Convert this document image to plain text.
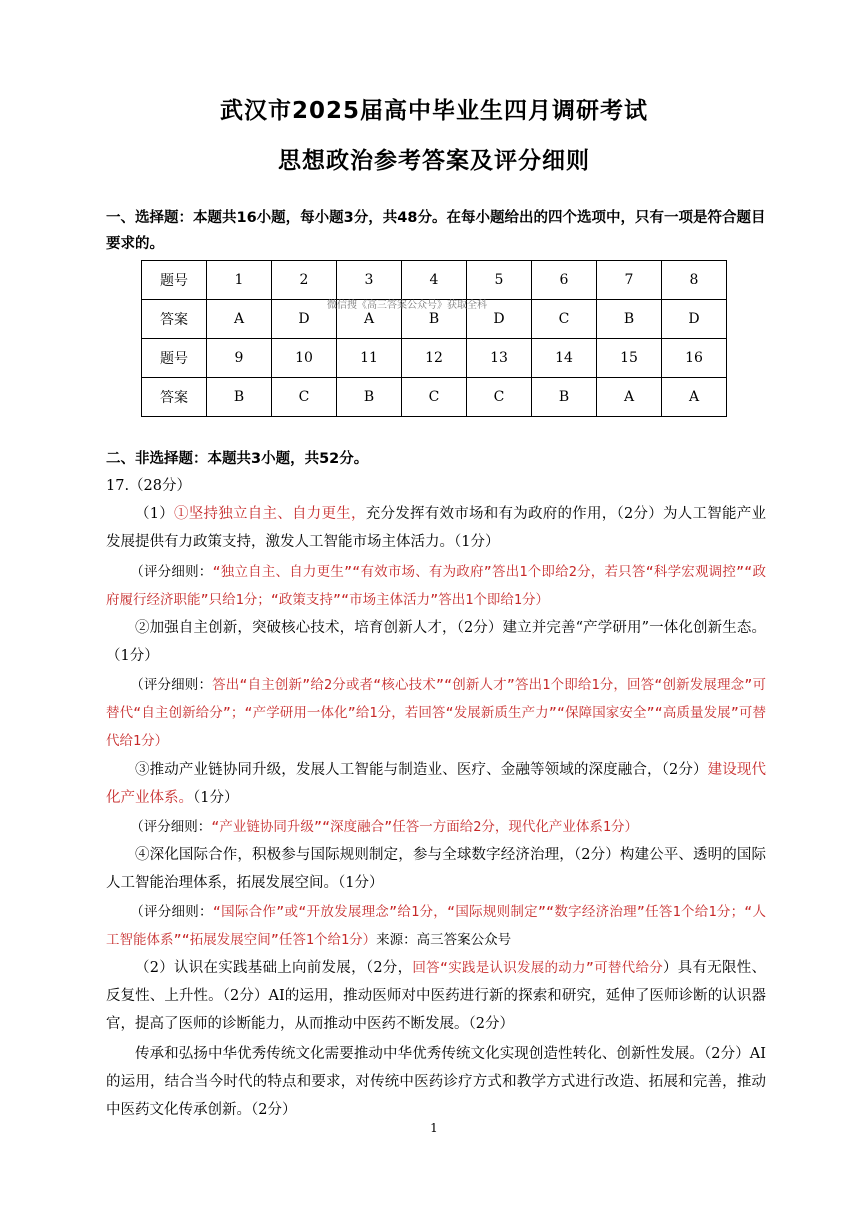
武汉市2025届高中毕业生四月调研考试
思想政治参考答案及评分细则
一、选择题：本题共16小题，每小题3分，共48分。在每小题给出的四个选项中，只有一项是符合题目要求的。
题号	1	2	3	4	5	6	7	8
答案	A	D	A	B	D	C	B	D
题号	9	10	11	12	13	14	15	16
答案	B	C	B	C	C	B	A	A
微信搜《高三答案公众号》获取全科
二、非选择题：本题共3小题，共52分。
17.（28分）
（1）①坚持独立自主、自力更生，充分发挥有效市场和有为政府的作用，（2分）为人工智能产业发展提供有力政策支持，激发人工智能市场主体活力。（1分）
（评分细则：“独立自主、自力更生”“有效市场、有为政府”答出1个即给2分，若只答“科学宏观调控”“政府履行经济职能”只给1分；“政策支持”“市场主体活力”答出1个即给1分）
②加强自主创新，突破核心技术，培育创新人才，（2分）建立并完善“产学研用”一体化创新生态。（1分）
（评分细则：答出“自主创新”给2分或者“核心技术”“创新人才”答出1个即给1分，回答“创新发展理念”可替代“自主创新给分”；“产学研用一体化”给1分，若回答“发展新质生产力”“保障国家安全”“高质量发展”可替代给1分）
③推动产业链协同升级，发展人工智能与制造业、医疗、金融等领域的深度融合，（2分）建设现代化产业体系。（1分）
（评分细则：“产业链协同升级”“深度融合”任答一方面给2分，现代化产业体系1分）
④深化国际合作，积极参与国际规则制定，参与全球数字经济治理，（2分）构建公平、透明的国际人工智能治理体系，拓展发展空间。（1分）
（评分细则：“国际合作”或“开放发展理念”给1分，“国际规则制定”“数字经济治理”任答1个给1分；“人工智能体系”“拓展发展空间”任答1个给1分）来源：高三答案公众号
（2）认识在实践基础上向前发展，（2分，回答“实践是认识发展的动力”可替代给分）具有无限性、反复性、上升性。（2分）AI的运用，推动医师对中医药进行新的探索和研究，延伸了医师诊断的认识器官，提高了医师的诊断能力，从而推动中医药不断发展。（2分）
传承和弘扬中华优秀传统文化需要推动中华优秀传统文化实现创造性转化、创新性发展。（2分）AI的运用，结合当今时代的特点和要求，对传统中医药诊疗方式和教学方式进行改造、拓展和完善，推动中医药文化传承创新。（2分）
1
